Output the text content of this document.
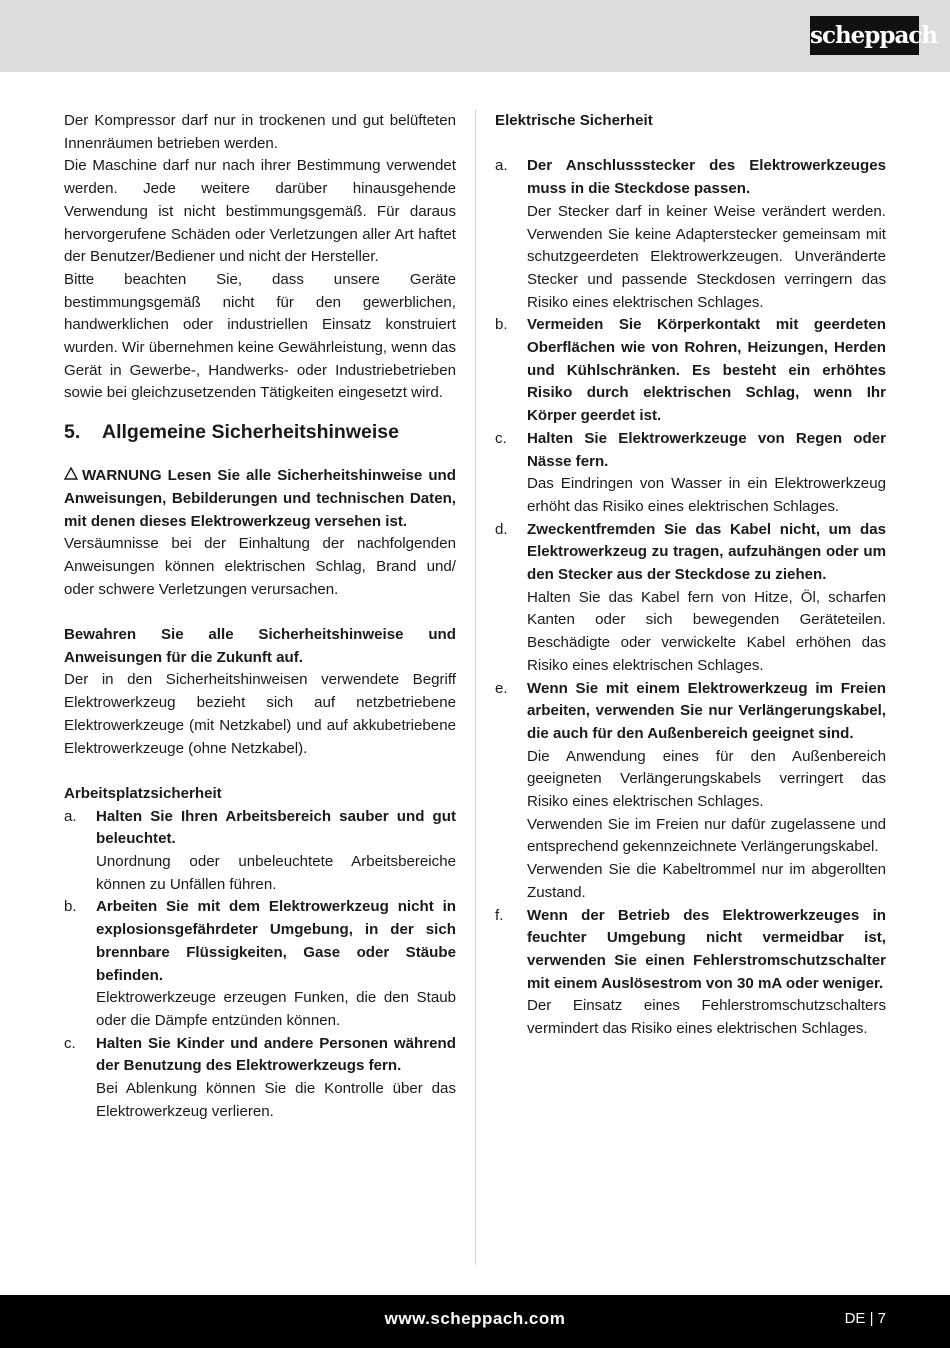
scheppach

Der Kompressor darf nur in trockenen und gut belüfteten Innenräumen betrieben werden.

Die Maschine darf nur nach ihrer Bestimmung verwendet werden. Jede weitere darüber hinausgehende Verwendung ist nicht bestimmungsgemäß. Für daraus hervorgerufene Schäden oder Verletzungen aller Art haftet der Benutzer/Bediener und nicht der Hersteller.

Bitte beachten Sie, dass unsere Geräte bestimmungsgemäß nicht für den gewerblichen, handwerklichen oder industriellen Einsatz konstruiert wurden. Wir übernehmen keine Gewährleistung, wenn das Gerät in Gewerbe-, Handwerks- oder Industriebetrieben sowie bei gleichzusetzenden Tätigkeiten eingesetzt wird.

5. Allgemeine Sicherheitshinweise

WARNUNG Lesen Sie alle Sicherheitshinweise und Anweisungen, Bebilderungen und technischen Daten, mit denen dieses Elektrowerkzeug versehen ist.

Versäumnisse bei der Einhaltung der nachfolgenden Anweisungen können elektrischen Schlag, Brand und/ oder schwere Verletzungen verursachen.

Bewahren Sie alle Sicherheitshinweise und Anweisungen für die Zukunft auf.

Der in den Sicherheitshinweisen verwendete Begriff Elektrowerkzeug bezieht sich auf netzbetriebene Elektrowerkzeuge (mit Netzkabel) und auf akkubetriebene Elektrowerkzeuge (ohne Netzkabel).

Arbeitsplatzsicherheit

a. Halten Sie Ihren Arbeitsbereich sauber und gut beleuchtet.

Unordnung oder unbeleuchtete Arbeitsbereiche können zu Unfällen führen.

b. Arbeiten Sie mit dem Elektrowerkzeug nicht in explosionsgefährdeter Umgebung, in der sich brennbare Flüssigkeiten, Gase oder Stäube befinden.

Elektrowerkzeuge erzeugen Funken, die den Staub oder die Dämpfe entzünden können.

c. Halten Sie Kinder und andere Personen während der Benutzung des Elektrowerkzeugs fern.

Bei Ablenkung können Sie die Kontrolle über das Elektrowerkzeug verlieren.

Elektrische Sicherheit

a. Der Anschlussstecker des Elektrowerkzeuges muss in die Steckdose passen.

Der Stecker darf in keiner Weise verändert werden. Verwenden Sie keine Adapterstecker gemeinsam mit schutzgeerdeten Elektrowerkzeugen. Unveränderte Stecker und passende Steckdosen verringern das Risiko eines elektrischen Schlages.

b. Vermeiden Sie Körperkontakt mit geerdeten Oberflächen wie von Rohren, Heizungen, Herden und Kühlschränken. Es besteht ein erhöhtes Risiko durch elektrischen Schlag, wenn Ihr Körper geerdet ist.

c. Halten Sie Elektrowerkzeuge von Regen oder Nässe fern.

Das Eindringen von Wasser in ein Elektrowerkzeug erhöht das Risiko eines elektrischen Schlages.

d. Zweckentfremden Sie das Kabel nicht, um das Elektrowerkzeug zu tragen, aufzuhängen oder um den Stecker aus der Steckdose zu ziehen.

Halten Sie das Kabel fern von Hitze, Öl, scharfen Kanten oder sich bewegenden Geräteteilen. Beschädigte oder verwickelte Kabel erhöhen das Risiko eines elektrischen Schlages.

e. Wenn Sie mit einem Elektrowerkzeug im Freien arbeiten, verwenden Sie nur Verlängerungskabel, die auch für den Außenbereich geeignet sind.

Die Anwendung eines für den Außenbereich geeigneten Verlängerungskabels verringert das Risiko eines elektrischen Schlages.

Verwenden Sie im Freien nur dafür zugelassene und entsprechend gekennzeichnete Verlängerungskabel.

Verwenden Sie die Kabeltrommel nur im abgerollten Zustand.

f. Wenn der Betrieb des Elektrowerkzeuges in feuchter Umgebung nicht vermeidbar ist, verwenden Sie einen Fehlerstromschutzschalter mit einem Auslösestrom von 30 mA oder weniger.

Der Einsatz eines Fehlerstromschutzschalters vermindert das Risiko eines elektrischen Schlages.

www.scheppach.com	DE | 7
